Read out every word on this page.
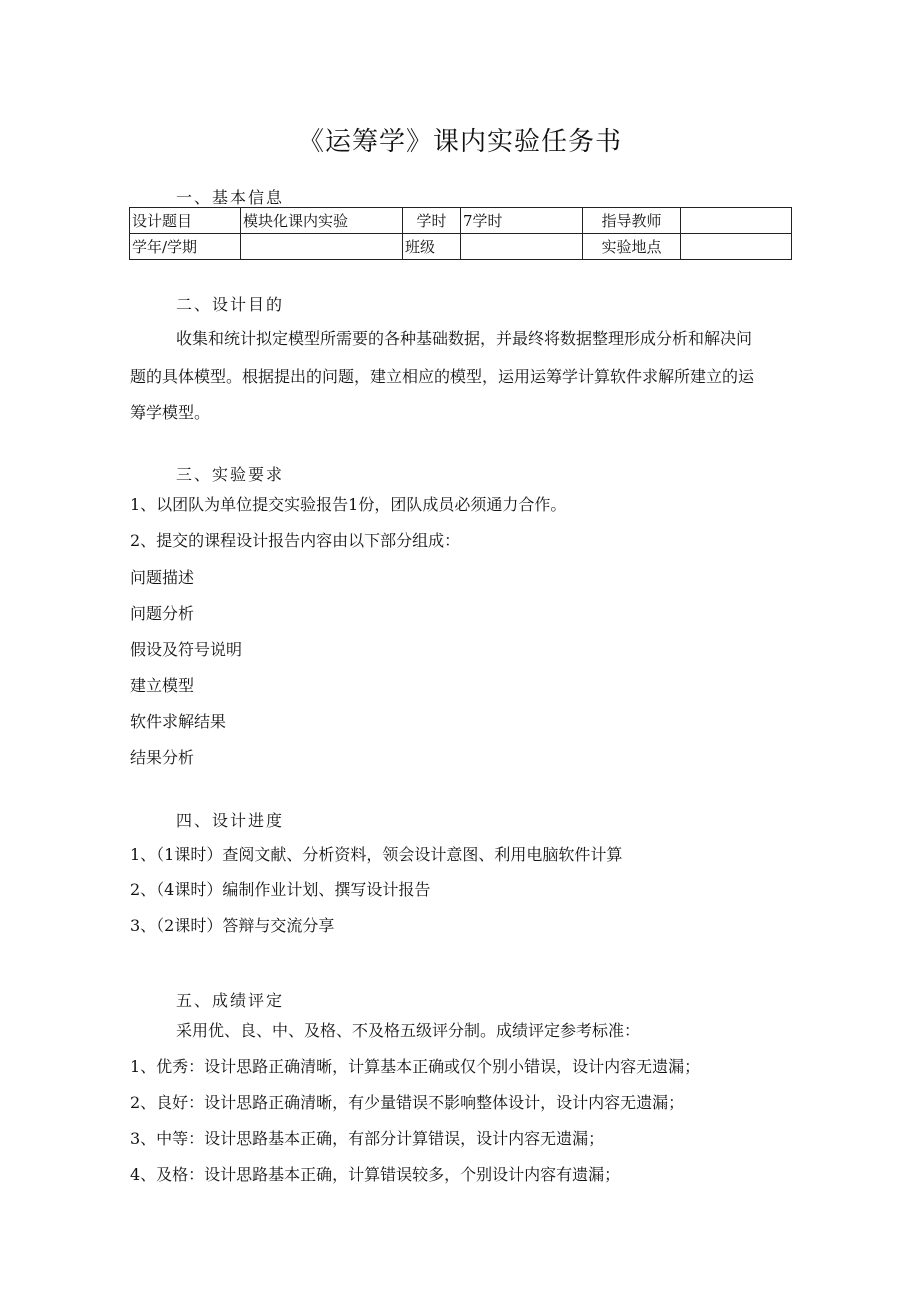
《运筹学》课内实验任务书
一、基本信息
设计题目	模块化课内实验	学时	7学时	指导教师	
学年/学期		班级		实验地点	
二、设计目的
收集和统计拟定模型所需要的各种基础数据，并最终将数据整理形成分析和解决问
题的具体模型。根据提出的问题，建立相应的模型，运用运筹学计算软件求解所建立的运
筹学模型。
三、实验要求
1、以团队为单位提交实验报告1份，团队成员必须通力合作。
2、提交的课程设计报告内容由以下部分组成：
问题描述
问题分析
假设及符号说明
建立模型
软件求解结果
结果分析
四、设计进度
1、（1课时）查阅文献、分析资料，领会设计意图、利用电脑软件计算
2、（4课时）编制作业计划、撰写设计报告
3、（2课时）答辩与交流分享
五、成绩评定
采用优、良、中、及格、不及格五级评分制。成绩评定参考标准：
1、优秀：设计思路正确清晰，计算基本正确或仅个别小错误，设计内容无遗漏；
2、良好：设计思路正确清晰，有少量错误不影响整体设计，设计内容无遗漏；
3、中等：设计思路基本正确，有部分计算错误，设计内容无遗漏；
4、及格：设计思路基本正确，计算错误较多，个别设计内容有遗漏；
